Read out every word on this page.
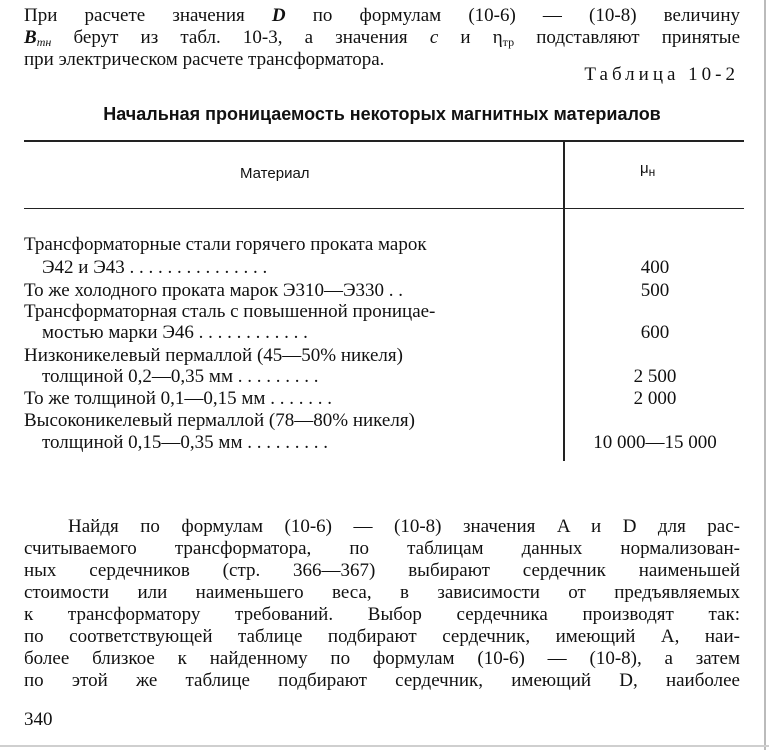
При расчете значения D по формулам (10-6) — (10-8) величину
$B_{mн}$ берут из табл. 10-3, а значения c и $\eta_{тр}$ подставляют принятые
при электрическом расчете трансформатора.
Таблица 10-2
Начальная проницаемость некоторых магнитных материалов
Материал	$\mu_н$
Трансформаторные стали горячего проката марок
Э42 и Э43 . . . . . . . . . . . . . . .	400
То же холодного проката марок Э310—Э330 . .	500
Трансформаторная сталь с повышенной проницае-
мостью марки Э46 . . . . . . . . . . . .	600
Низконикелевый пермаллой (45—50% никеля)
толщиной 0,2—0,35 мм . . . . . . . . .	2 500
То же толщиной 0,1—0,15 мм . . . . . . .	2 000
Высоконикелевый пермаллой (78—80% никеля)
толщиной 0,15—0,35 мм . . . . . . . . .	10 000—15 000
Найдя по формулам (10-6) — (10-8) значения A и D для рас-
считываемого трансформатора, по таблицам данных нормализован-
ных сердечников (стр. 366—367) выбирают сердечник наименьшей
стоимости или наименьшего веса, в зависимости от предъявляемых
к трансформатору требований. Выбор сердечника производят так:
по соответствующей таблице подбирают сердечник, имеющий A, наи-
более близкое к найденному по формулам (10-6) — (10-8), а затем
по этой же таблице подбирают сердечник, имеющий D, наиболее
340
